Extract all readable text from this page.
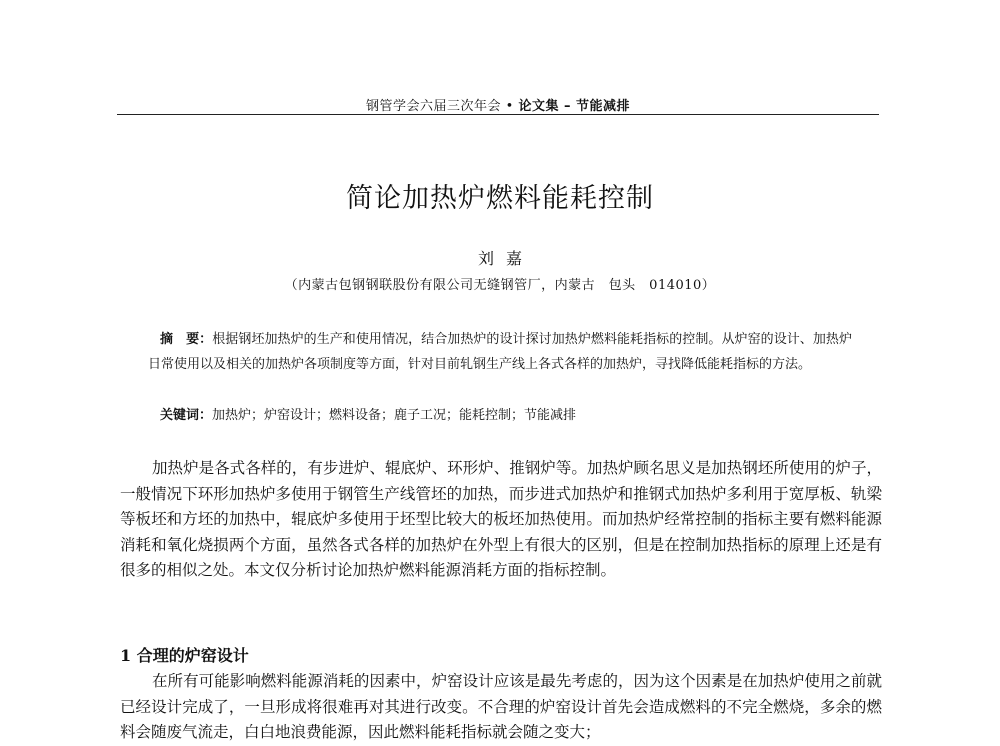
钢管学会六届三次年会 • 论文集 – 节能减排
简论加热炉燃料能耗控制
刘嘉
（内蒙古包钢钢联股份有限公司无缝钢管厂，内蒙古　包头　014010）

摘　要：根据钢坯加热炉的生产和使用情况，结合加热炉的设计探讨加热炉燃料能耗指标的控制。从炉窑的设计、加热炉日常使用以及相关的加热炉各项制度等方面，针对目前轧钢生产线上各式各样的加热炉，寻找降低能耗指标的方法。

关键词：加热炉；炉窑设计；燃料设备；鹿子工况；能耗控制；节能减排

加热炉是各式各样的，有步进炉、辊底炉、环形炉、推钢炉等。加热炉顾名思义是加热钢坯所使用的炉子，一般情况下环形加热炉多使用于钢管生产线管坯的加热，而步进式加热炉和推钢式加热炉多利用于宽厚板、轨梁等板坯和方坯的加热中，辊底炉多使用于坯型比较大的板坯加热使用。而加热炉经常控制的指标主要有燃料能源消耗和氧化烧损两个方面，虽然各式各样的加热炉在外型上有很大的区别，但是在控制加热指标的原理上还是有很多的相似之处。本文仅分析讨论加热炉燃料能源消耗方面的指标控制。

1 合理的炉窑设计

在所有可能影响燃料能源消耗的因素中，炉窑设计应该是最先考虑的，因为这个因素是在加热炉使用之前就已经设计完成了，一旦形成将很难再对其进行改变。不合理的炉窑设计首先会造成燃料的不完全燃烧，多余的燃料会随废气流走，白白地浪费能源，因此燃料能耗指标就会随之变大；
